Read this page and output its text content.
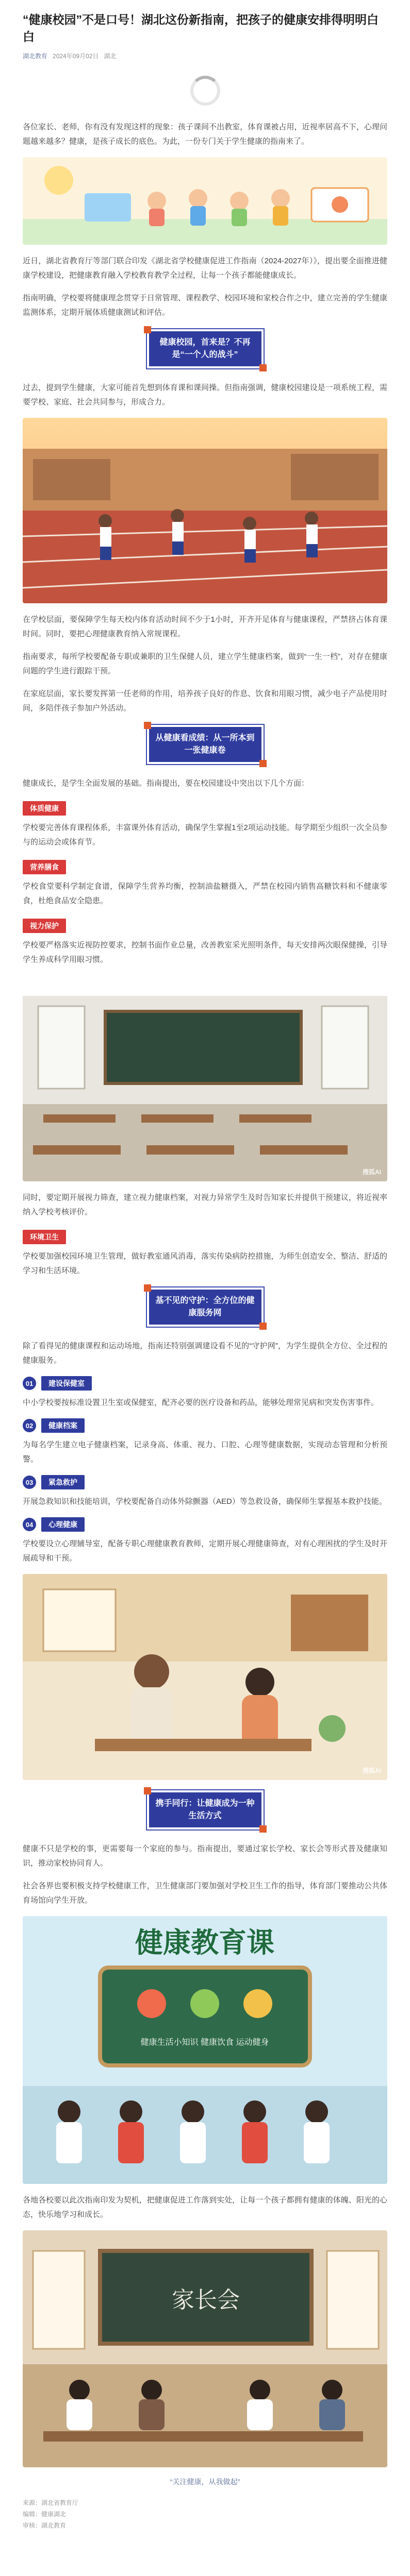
“健康校园”不是口号！湖北这份新指南，把孩子的健康安排得明明白白
湖北教育 2024年09月02日 湖北

各位家长、老师，你有没有发现这样的现象：孩子课间不出教室，体育课被占用，近视率居高不下，心理问题越来越多？健康，是孩子成长的底色。为此，一份专门关于学生健康的指南来了。

近日，湖北省教育厅等部门联合印发《湖北省学校健康促进工作指南（2024-2027年）》，提出要全面推进健康学校建设，把健康教育融入学校教育教学全过程，让每一个孩子都能健康成长。

指南明确，学校要将健康理念贯穿于日常管理、课程教学、校园环境和家校合作之中，建立完善的学生健康监测体系，定期开展体质健康测试和评估。

健康校园，首来是？不再是“一个人的战斗”

过去，提到学生健康，大家可能首先想到体育课和课间操。但指南强调，健康校园建设是一项系统工程，需要学校、家庭、社会共同参与，形成合力。

在学校层面，要保障学生每天校内体育活动时间不少于1小时，开齐开足体育与健康课程，严禁挤占体育课时间。同时，要把心理健康教育纳入常规课程。

指南要求，每所学校要配备专职或兼职的卫生保健人员，建立学生健康档案，做到“一生一档”，对存在健康问题的学生进行跟踪干预。

在家庭层面，家长要发挥第一任老师的作用，培养孩子良好的作息、饮食和用眼习惯，减少电子产品使用时间，多陪伴孩子参加户外活动。

从健康看成绩：从一所本到一张健康卷

健康成长，是学生全面发展的基础。指南提出，要在校园建设中突出以下几个方面：

体质健康

学校要完善体育课程体系，丰富课外体育活动，确保学生掌握1至2项运动技能。每学期至少组织一次全员参与的运动会或体育节。

营养膳食

学校食堂要科学制定食谱，保障学生营养均衡，控制油盐糖摄入，严禁在校园内销售高糖饮料和不健康零食，杜绝食品安全隐患。

视力保护

学校要严格落实近视防控要求，控制书面作业总量，改善教室采光照明条件，每天安排两次眼保健操，引导学生养成科学用眼习惯。

搜狐AI

同时，要定期开展视力筛查，建立视力健康档案，对视力异常学生及时告知家长并提供干预建议，将近视率纳入学校考核评价。

环境卫生

学校要加强校园环境卫生管理，做好教室通风消毒，落实传染病防控措施，为师生创造安全、整洁、舒适的学习和生活环境。

基不见的守护：全方位的健康服务网

除了看得见的健康课程和运动场地，指南还特别强调建设看不见的“守护网”，为学生提供全方位、全过程的健康服务。

01	建设保健室

中小学校要按标准设置卫生室或保健室，配齐必要的医疗设备和药品，能够处理常见病和突发伤害事件。

02	健康档案

为每名学生建立电子健康档案，记录身高、体重、视力、口腔、心理等健康数据，实现动态管理和分析预警。

03	紧急救护

开展急救知识和技能培训，学校要配备自动体外除颤器（AED）等急救设备，确保师生掌握基本救护技能。

04	心理健康

学校要设立心理辅导室，配备专职心理健康教育教师，定期开展心理健康筛查，对有心理困扰的学生及时开展疏导和干预。

搜狐AI
携手同行：让健康成为一种生活方式

健康不只是学校的事，更需要每一个家庭的参与。指南提出，要通过家长学校、家长会等形式普及健康知识，推动家校协同育人。

社会各界也要积极支持学校健康工作，卫生健康部门要加强对学校卫生工作的指导，体育部门要推动公共体育场馆向学生开放。

健康教育课
健康生活小知识 健康饮食 运动健身

各地各校要以此次指南印发为契机，把健康促进工作落到实处，让每一个孩子都拥有健康的体魄、阳光的心态，快乐地学习和成长。

家长会

“关注健康，从我做起”

来源：湖北省教育厅
编辑：健康湖北
审核：湖北教育
